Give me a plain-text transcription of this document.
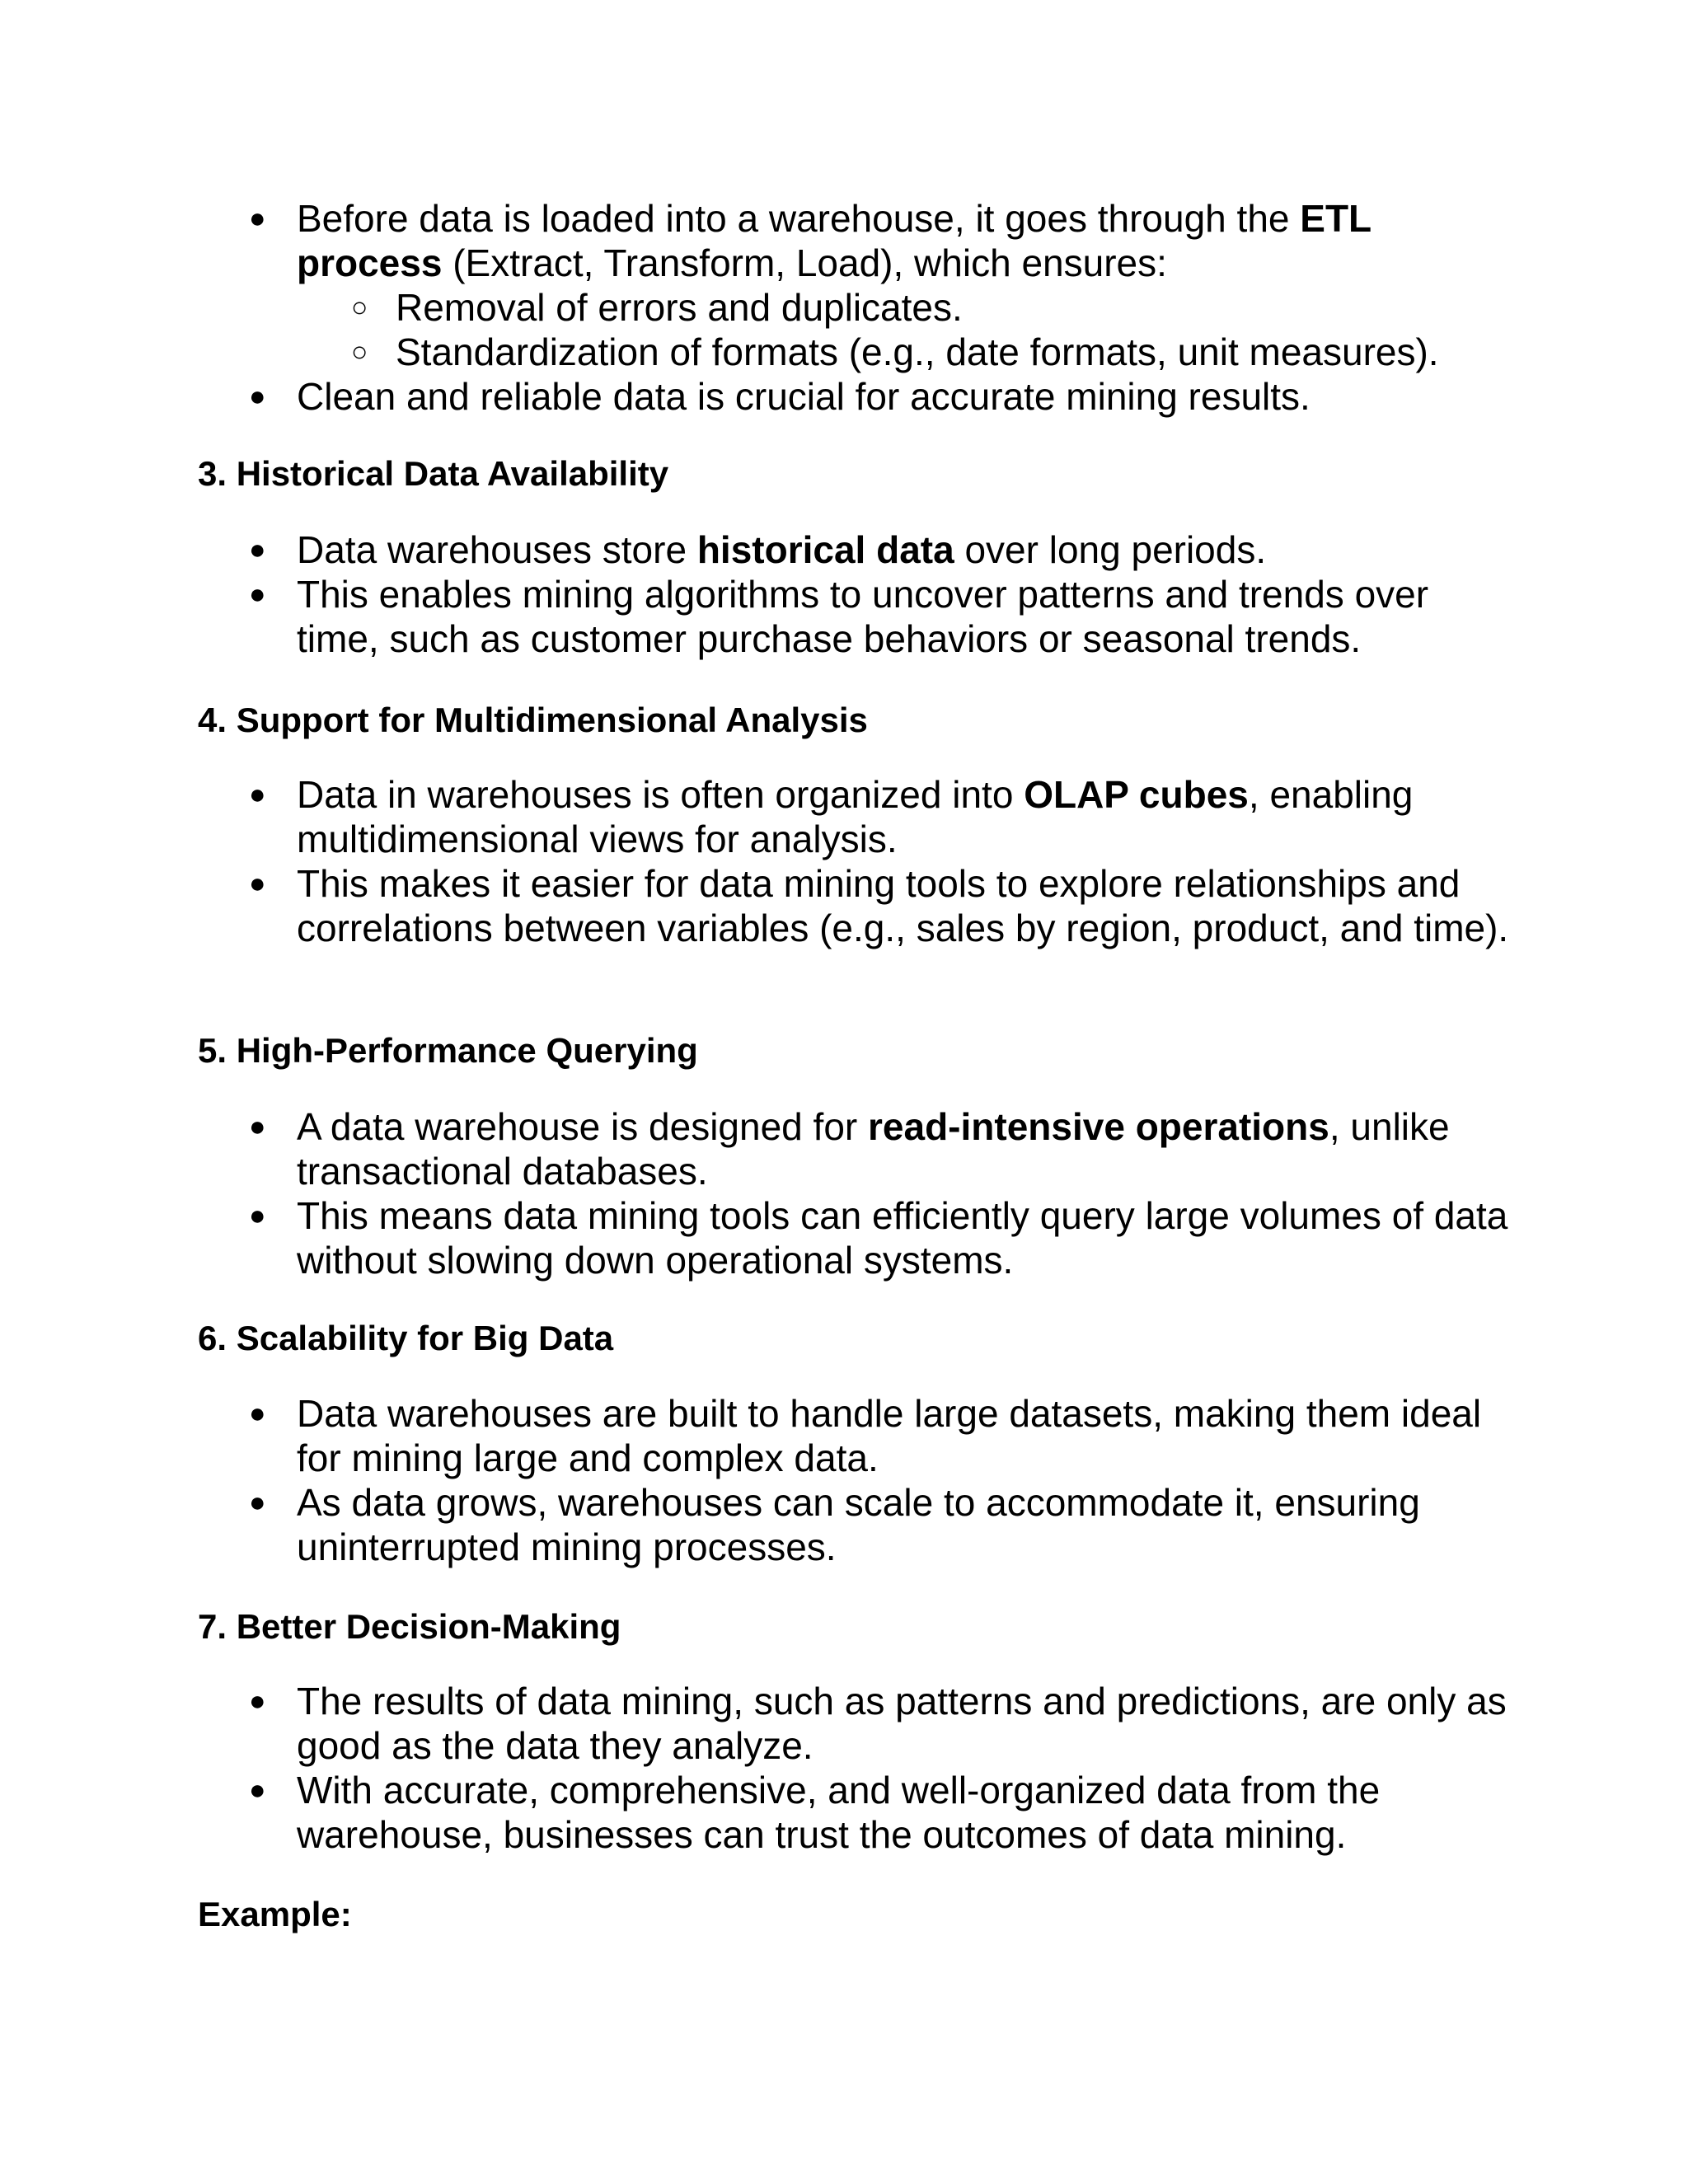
● Before data is loaded into a warehouse, it goes through the ETL process (Extract, Transform, Load), which ensures:
○ Removal of errors and duplicates.
○ Standardization of formats (e.g., date formats, unit measures).
● Clean and reliable data is crucial for accurate mining results.
3. Historical Data Availability
● Data warehouses store historical data over long periods.
● This enables mining algorithms to uncover patterns and trends over time, such as customer purchase behaviors or seasonal trends.
4. Support for Multidimensional Analysis
● Data in warehouses is often organized into OLAP cubes, enabling multidimensional views for analysis.
● This makes it easier for data mining tools to explore relationships and correlations between variables (e.g., sales by region, product, and time).
5. High-Performance Querying
● A data warehouse is designed for read-intensive operations, unlike transactional databases.
● This means data mining tools can efficiently query large volumes of data without slowing down operational systems.
6. Scalability for Big Data
● Data warehouses are built to handle large datasets, making them ideal for mining large and complex data.
● As data grows, warehouses can scale to accommodate it, ensuring uninterrupted mining processes.
7. Better Decision-Making
● The results of data mining, such as patterns and predictions, are only as good as the data they analyze.
● With accurate, comprehensive, and well-organized data from the warehouse, businesses can trust the outcomes of data mining.
Example:
